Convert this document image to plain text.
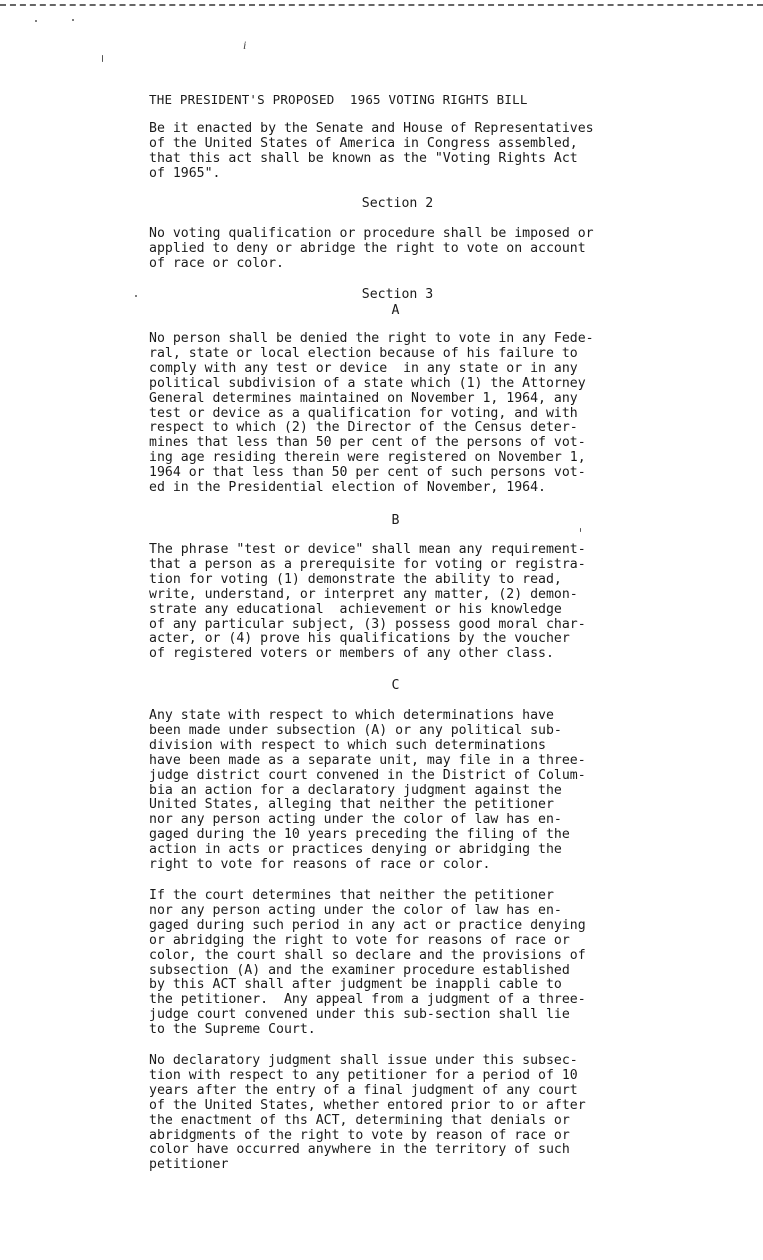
i
THE PRESIDENT'S PROPOSED  1965 VOTING RIGHTS BILL
Be it enacted by the Senate and House of Representatives
of the United States of America in Congress assembled,
that this act shall be known as the "Voting Rights Act
of 1965".
Section 2
No voting qualification or procedure shall be imposed or
applied to deny or abridge the right to vote on account
of race or color.
Section 3
A
No person shall be denied the right to vote in any Fede-
ral, state or local election because of his failure to
comply with any test or device  in any state or in any
political subdivision of a state which (1) the Attorney
General determines maintained on November 1, 1964, any
test or device as a qualification for voting, and with
respect to which (2) the Director of the Census deter-
mines that less than 50 per cent of the persons of vot-
ing age residing therein were registered on November 1,
1964 or that less than 50 per cent of such persons vot-
ed in the Presidential election of November, 1964.
B
The phrase "test or device" shall mean any requirement-
that a person as a prerequisite for voting or registra-
tion for voting (1) demonstrate the ability to read,
write, understand, or interpret any matter, (2) demon-
strate any educational  achievement or his knowledge
of any particular subject, (3) possess good moral char-
acter, or (4) prove his qualifications by the voucher
of registered voters or members of any other class.
C
Any state with respect to which determinations have
been made under subsection (A) or any political sub-
division with respect to which such determinations
have been made as a separate unit, may file in a three-
judge district court convened in the District of Colum-
bia an action for a declaratory judgment against the
United States, alleging that neither the petitioner
nor any person acting under the color of law has en-
gaged during the 10 years preceding the filing of the
action in acts or practices denying or abridging the
right to vote for reasons of race or color.
If the court determines that neither the petitioner
nor any person acting under the color of law has en-
gaged during such period in any act or practice denying
or abridging the right to vote for reasons of race or
color, the court shall so declare and the provisions of
subsection (A) and the examiner procedure established
by this ACT shall after judgment be inappli cable to
the petitioner.  Any appeal from a judgment of a three-
judge court convened under this sub-section shall lie
to the Supreme Court.
No declaratory judgment shall issue under this subsec-
tion with respect to any petitioner for a period of 10
years after the entry of a final judgment of any court
of the United States, whether entored prior to or after
the enactment of ths ACT, determining that denials or
abridgments of the right to vote by reason of race or
color have occurred anywhere in the territory of such
petitioner
